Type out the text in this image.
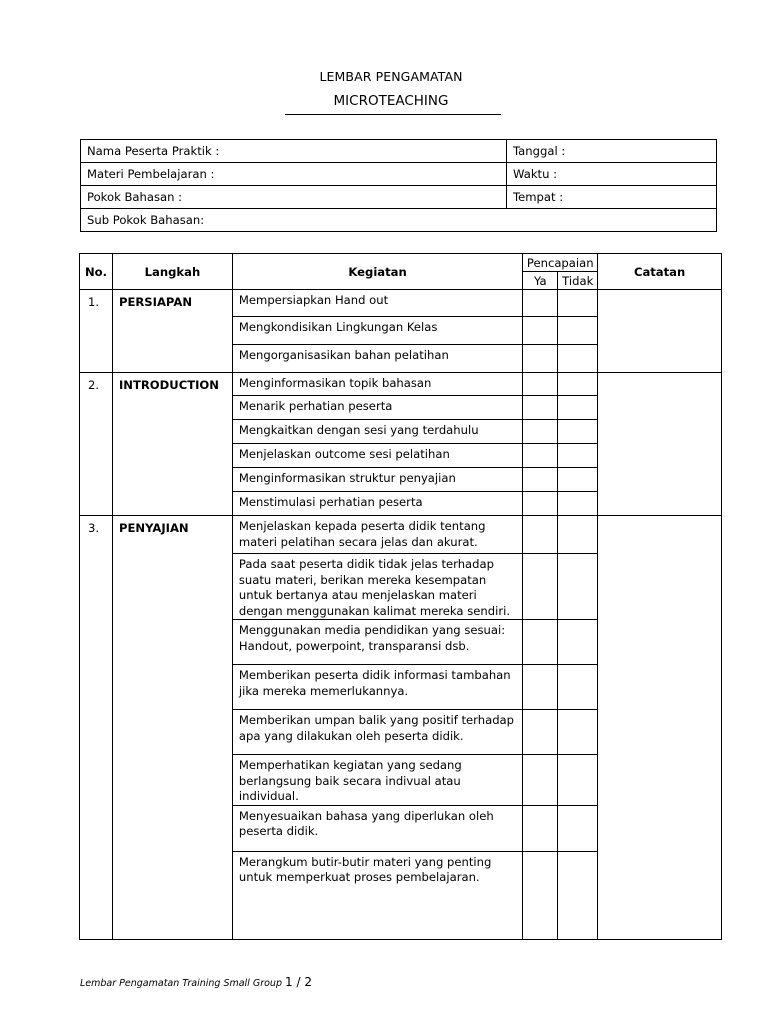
LEMBAR PENGAMATAN
MICROTEACHING
Nama Peserta Praktik :	Tanggal :
Materi Pembelajaran :	Waktu :
Pokok Bahasan :	Tempat :
Sub Pokok Bahasan:	
No.	Langkah	Kegiatan	Pencapaian		Catatan
			Ya	Tidak	
1.	PERSIAPAN	Mempersiapkan Hand out			
		Mengkondisikan Lingkungan Kelas			
		Mengorganisasikan bahan pelatihan			
2.	INTRODUCTION	Menginformasikan topik bahasan			
		Menarik perhatian peserta			
		Mengkaitkan dengan sesi yang terdahulu			
		Menjelaskan outcome sesi pelatihan			
		Menginformasikan struktur penyajian			
		Menstimulasi perhatian peserta			
3.	PENYAJIAN	Menjelaskan kepada peserta didik tentang materi pelatihan secara jelas dan akurat.			
		Pada saat peserta didik tidak jelas terhadap suatu materi, berikan mereka kesempatan untuk bertanya atau menjelaskan materi dengan menggunakan kalimat mereka sendiri.			
		Menggunakan media pendidikan yang sesuai: Handout, powerpoint, transparansi dsb.			
		Memberikan peserta didik informasi tambahan jika mereka memerlukannya.			
		Memberikan umpan balik yang positif terhadap apa yang dilakukan oleh peserta didik.			
		Memperhatikan kegiatan yang sedang berlangsung baik secara indivual atau individual.			
		Menyesuaikan bahasa yang diperlukan oleh peserta didik.			
		Merangkum butir-butir materi yang penting untuk memperkuat proses pembelajaran.			
Lembar Pengamatan Training Small Group 1 / 2
